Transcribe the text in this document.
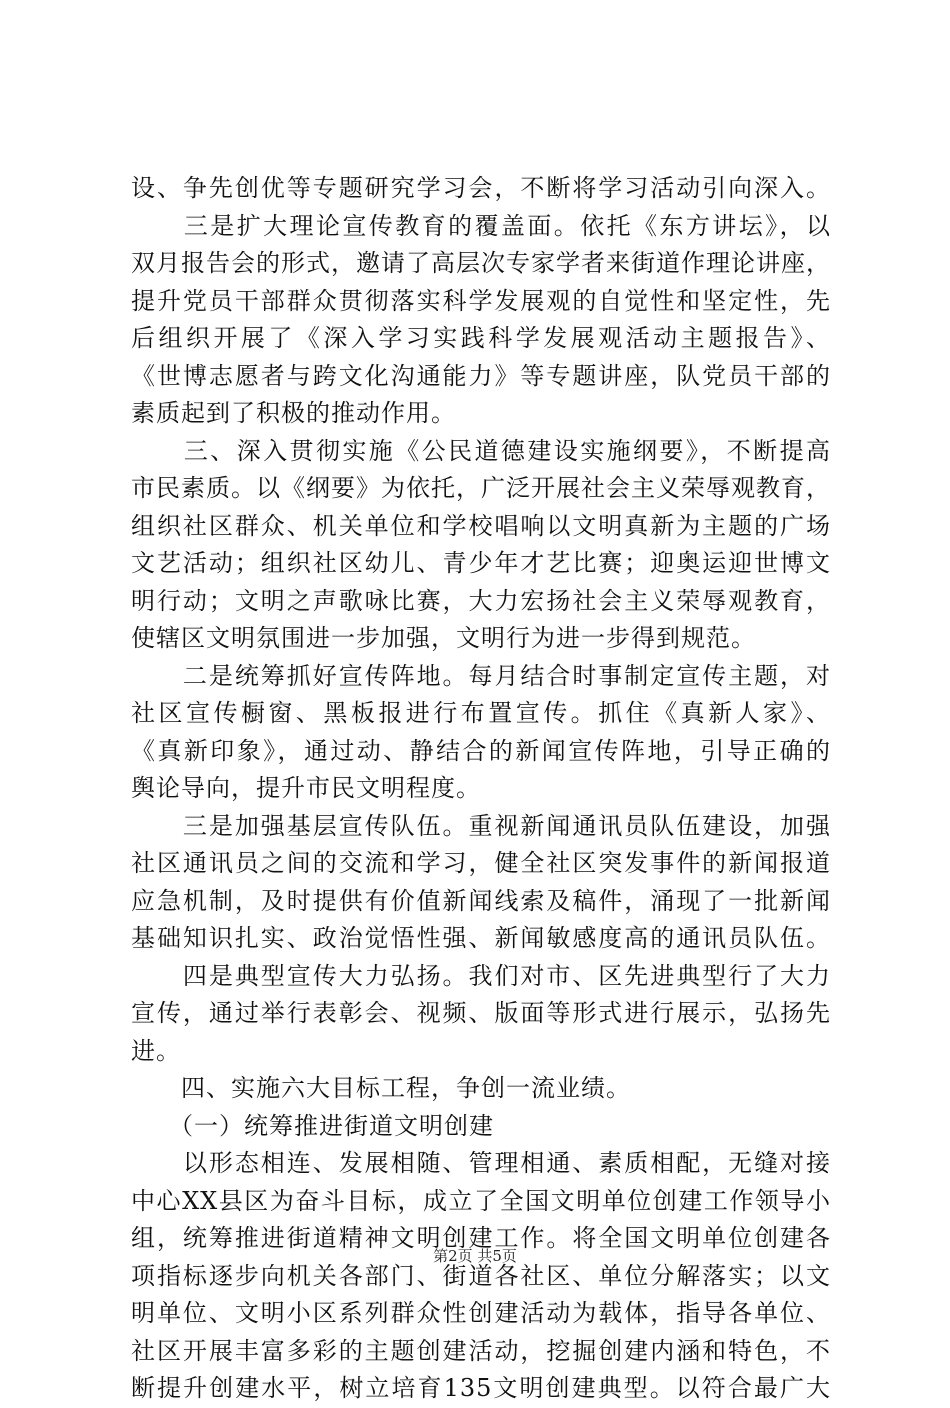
设、争先创优等专题研究学习会，不断将学习活动引向深入。
　　三是扩大理论宣传教育的覆盖面。依托《东方讲坛》，以
双月报告会的形式，邀请了高层次专家学者来街道作理论讲座，
提升党员干部群众贯彻落实科学发展观的自觉性和坚定性，先
后组织开展了《深入学习实践科学发展观活动主题报告》、
《世博志愿者与跨文化沟通能力》等专题讲座，队党员干部的
素质起到了积极的推动作用。
　　三、深入贯彻实施《公民道德建设实施纲要》，不断提高
市民素质。以《纲要》为依托，广泛开展社会主义荣辱观教育，
组织社区群众、机关单位和学校唱响以文明真新为主题的广场
文艺活动；组织社区幼儿、青少年才艺比赛；迎奥运迎世博文
明行动；文明之声歌咏比赛，大力宏扬社会主义荣辱观教育，
使辖区文明氛围进一步加强，文明行为进一步得到规范。
　　二是统筹抓好宣传阵地。每月结合时事制定宣传主题，对
社区宣传橱窗、黑板报进行布置宣传。抓住《真新人家》、
《真新印象》，通过动、静结合的新闻宣传阵地，引导正确的
舆论导向，提升市民文明程度。
　　三是加强基层宣传队伍。重视新闻通讯员队伍建设，加强
社区通讯员之间的交流和学习，健全社区突发事件的新闻报道
应急机制，及时提供有价值新闻线索及稿件，涌现了一批新闻
基础知识扎实、政治觉悟性强、新闻敏感度高的通讯员队伍。
　　四是典型宣传大力弘扬。我们对市、区先进典型行了大力
宣传，通过举行表彰会、视频、版面等形式进行展示，弘扬先
进。
　　四、实施六大目标工程，争创一流业绩。
　　（一）统筹推进街道文明创建
　　以形态相连、发展相随、管理相通、素质相配，无缝对接
中心XX县区为奋斗目标，成立了全国文明单位创建工作领导小
组，统筹推进街道精神文明创建工作。将全国文明单位创建各
项指标逐步向机关各部门、街道各社区、单位分解落实；以文
明单位、文明小区系列群众性创建活动为载体，指导各单位、
社区开展丰富多彩的主题创建活动，挖掘创建内涵和特色，不
断提升创建水平，树立培育135文明创建典型。以符合最广大
第2页 共5页
